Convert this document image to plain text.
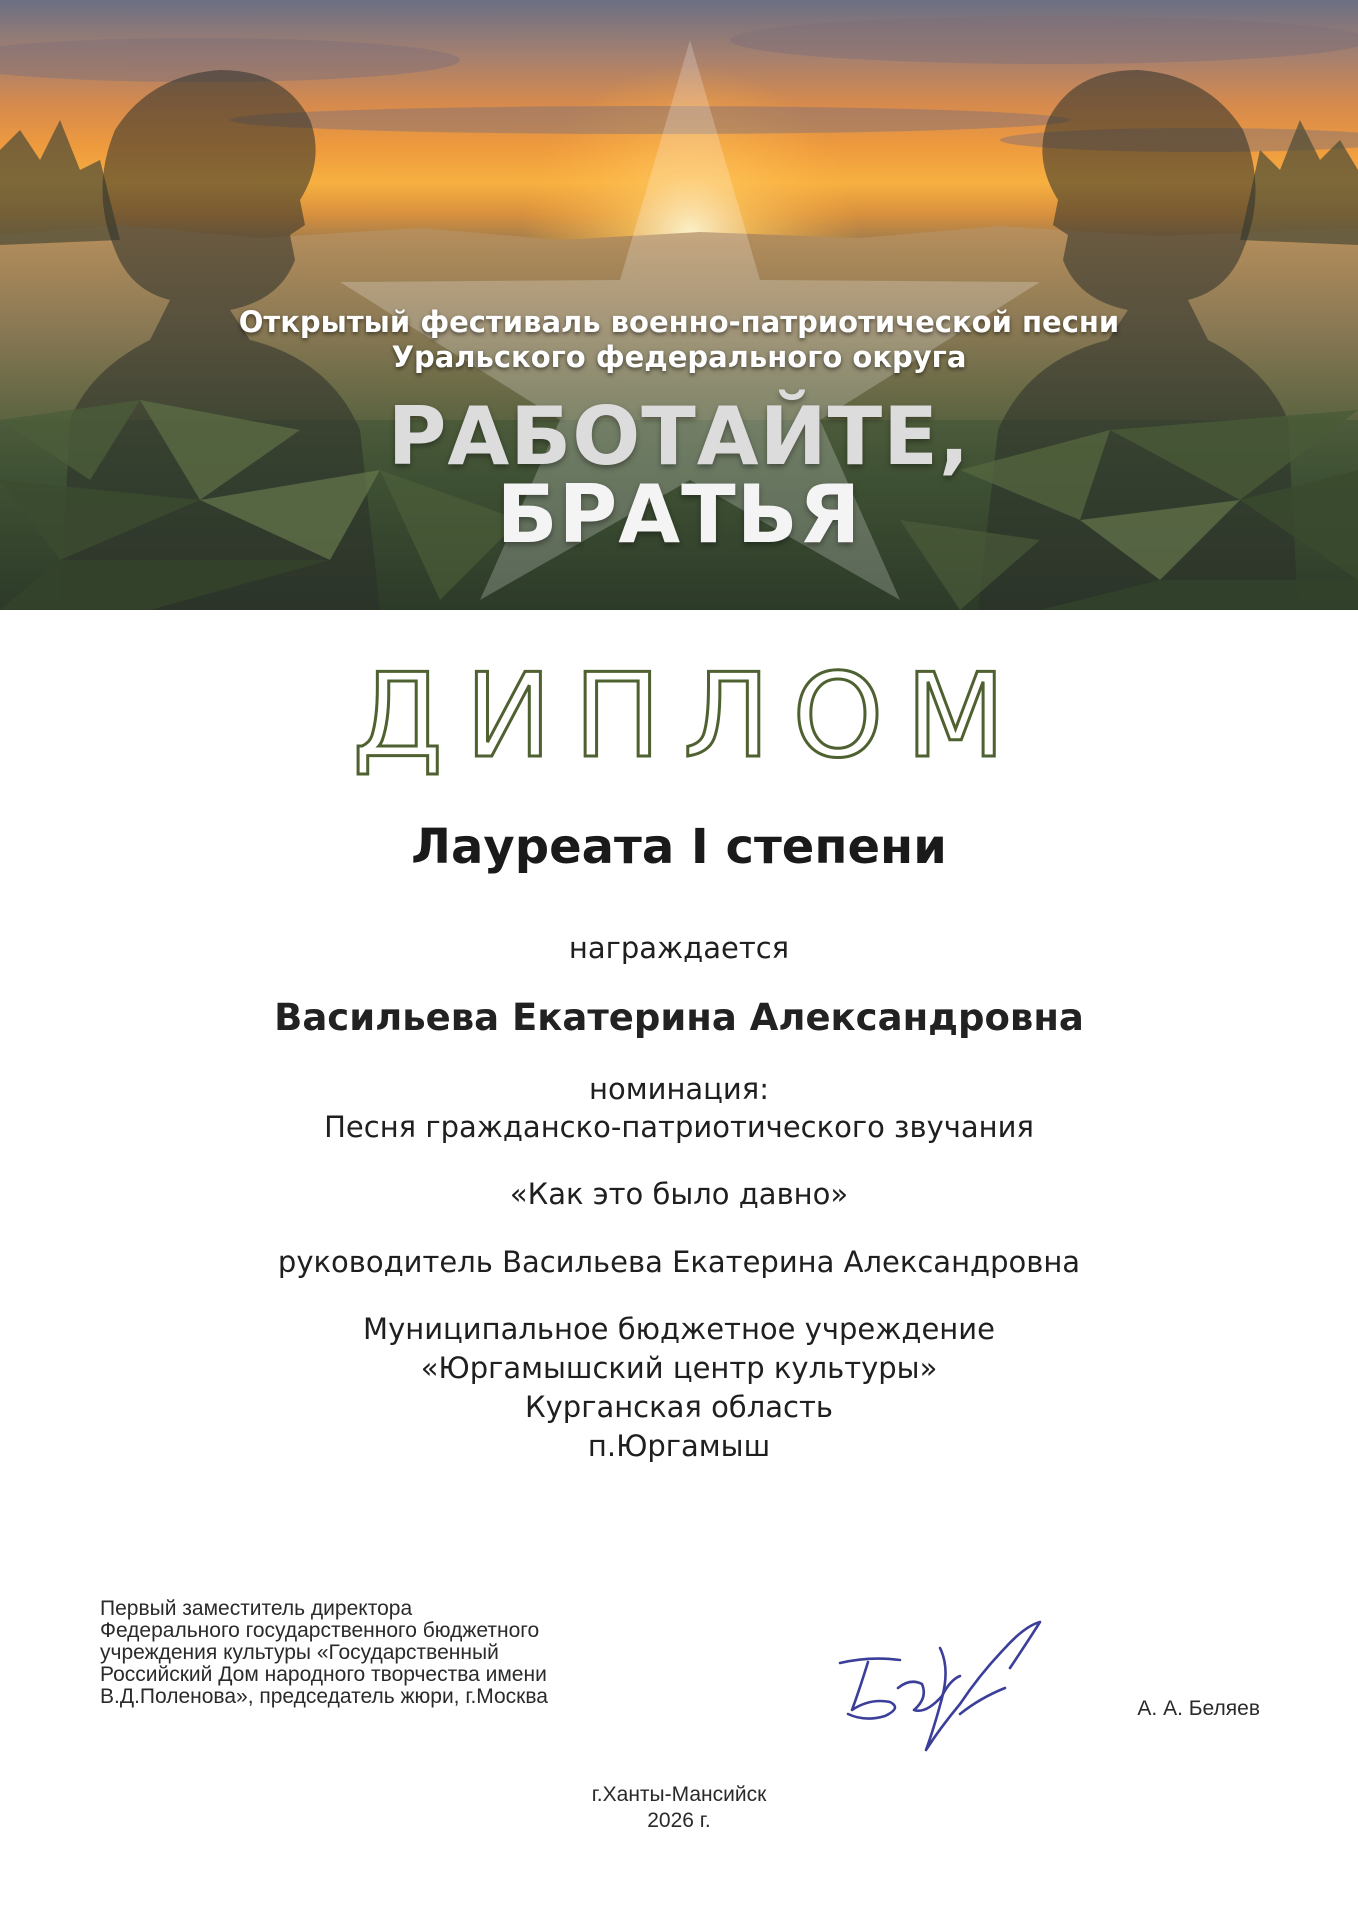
Открытый фестиваль военно-патриотической песни
Уральского федерального округа
РАБОТАЙТЕ,
БРАТЬЯ
ДИПЛОМ
Лауреата I степени
награждается
Васильева Екатерина Александровна
номинация:
Песня гражданско-патриотического звучания
«Как это было давно»
руководитель Васильева Екатерина Александровна
Муниципальное бюджетное учреждение
«Юргамышский центр культуры»
Курганская область
п.Юргамыш
Первый заместитель директора
Федерального государственного бюджетного
учреждения культуры «Государственный
Российский Дом народного творчества имени
В.Д.Поленова», председатель жюри, г.Москва
А. А. Беляев
г.Ханты-Мансийск
2026 г.
